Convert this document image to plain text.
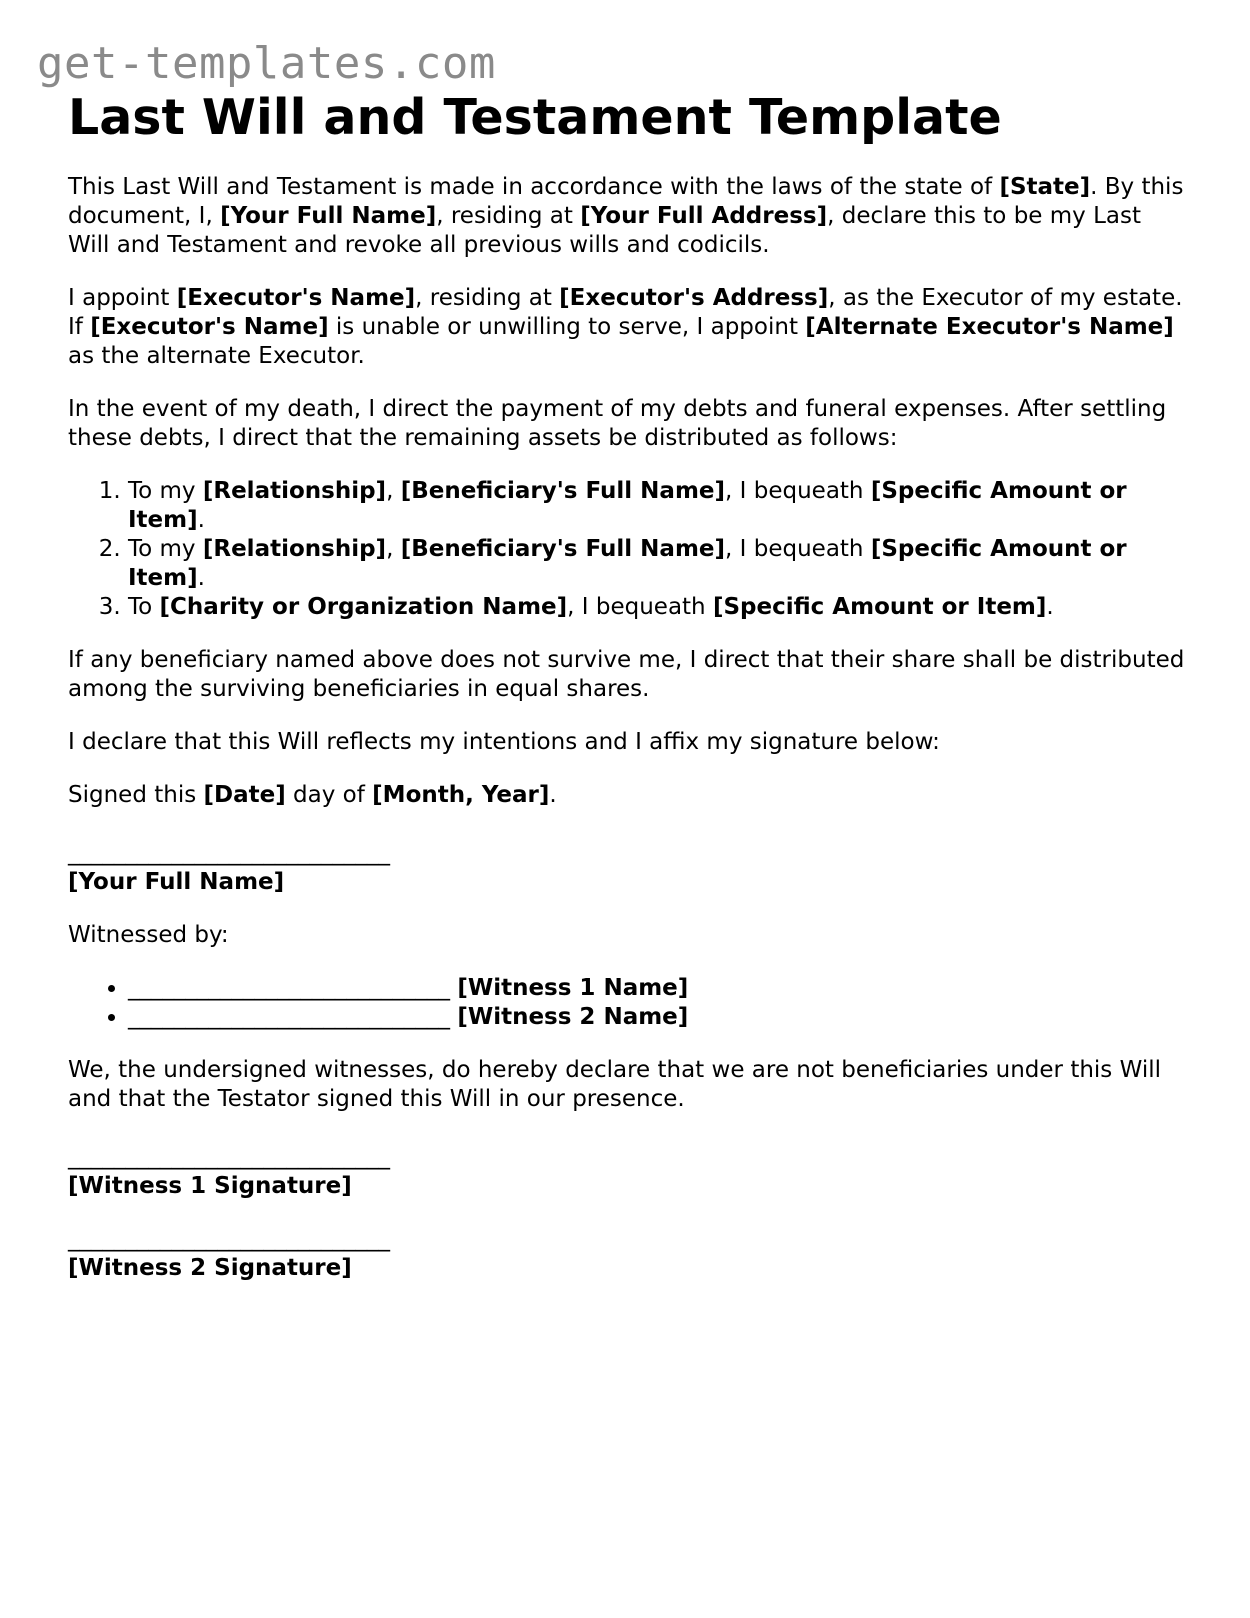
get-templates.com
Last Will and Testament Template

This Last Will and Testament is made in accordance with the laws of the state of [State]. By this document, I, [Your Full Name], residing at [Your Full Address], declare this to be my Last Will and Testament and revoke all previous wills and codicils.

I appoint [Executor's Name], residing at [Executor's Address], as the Executor of my estate. If [Executor's Name] is unable or unwilling to serve, I appoint [Alternate Executor's Name] as the alternate Executor.

In the event of my death, I direct the payment of my debts and funeral expenses. After settling these debts, I direct that the remaining assets be distributed as follows:

1. To my [Relationship], [Beneficiary's Full Name], I bequeath [Specific Amount or Item].
2. To my [Relationship], [Beneficiary's Full Name], I bequeath [Specific Amount or Item].
3. To [Charity or Organization Name], I bequeath [Specific Amount or Item].

If any beneficiary named above does not survive me, I direct that their share shall be distributed among the surviving beneficiaries in equal shares.

I declare that this Will reflects my intentions and I affix my signature below:

Signed this [Date] day of [Month, Year].

____________________________
[Your Full Name]

Witnessed by:

• ____________________________ [Witness 1 Name]
• ____________________________ [Witness 2 Name]

We, the undersigned witnesses, do hereby declare that we are not beneficiaries under this Will and that the Testator signed this Will in our presence.

____________________________
[Witness 1 Signature]
____________________________
[Witness 2 Signature]
